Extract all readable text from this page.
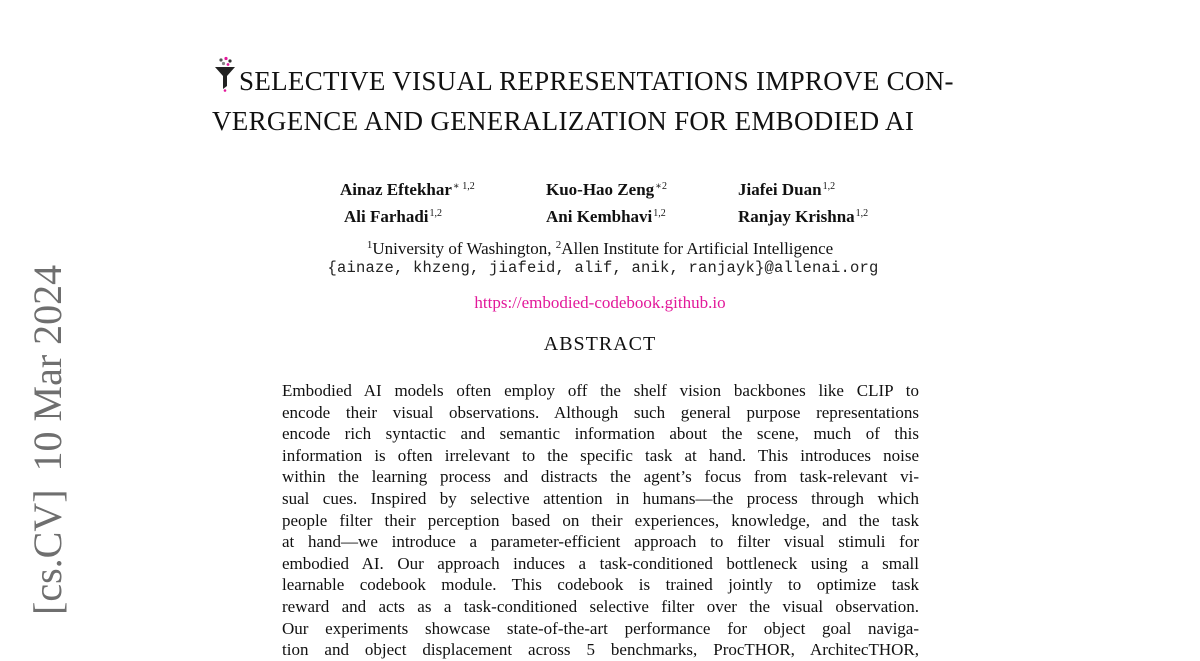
[cs.CV]
10 Mar 2024
SELECTIVE VISUAL REPRESENTATIONS IMPROVE CON-
VERGENCE AND GENERALIZATION FOR EMBODIED AI
Ainaz Eftekhar$^{∗ 1,2}$	Kuo-Hao Zeng$^{∗2}$	Jiafei Duan$^{1,2}$
Ali Farhadi$^{1,2}$	Ani Kembhavi$^{1,2}$	Ranjay Krishna$^{1,2}$
$^1$University of Washington, $^2$Allen Institute for Artificial Intelligence
{ainaze, khzeng, jiafeid, alif, anik, ranjayk}@allenai.org
https://embodied-codebook.github.io
ABSTRACT
Embodied AI models often employ off the shelf vision backbones like CLIP to
encode their visual observations. Although such general purpose representations
encode rich syntactic and semantic information about the scene, much of this
information is often irrelevant to the specific task at hand. This introduces noise
within the learning process and distracts the agent’s focus from task-relevant vi-
sual cues. Inspired by selective attention in humans—the process through which
people filter their perception based on their experiences, knowledge, and the task
at hand—we introduce a parameter-efficient approach to filter visual stimuli for
embodied AI. Our approach induces a task-conditioned bottleneck using a small
learnable codebook module. This codebook is trained jointly to optimize task
reward and acts as a task-conditioned selective filter over the visual observation.
Our experiments showcase state-of-the-art performance for object goal naviga-
tion and object displacement across 5 benchmarks, ProcTHOR, ArchitecTHOR,
